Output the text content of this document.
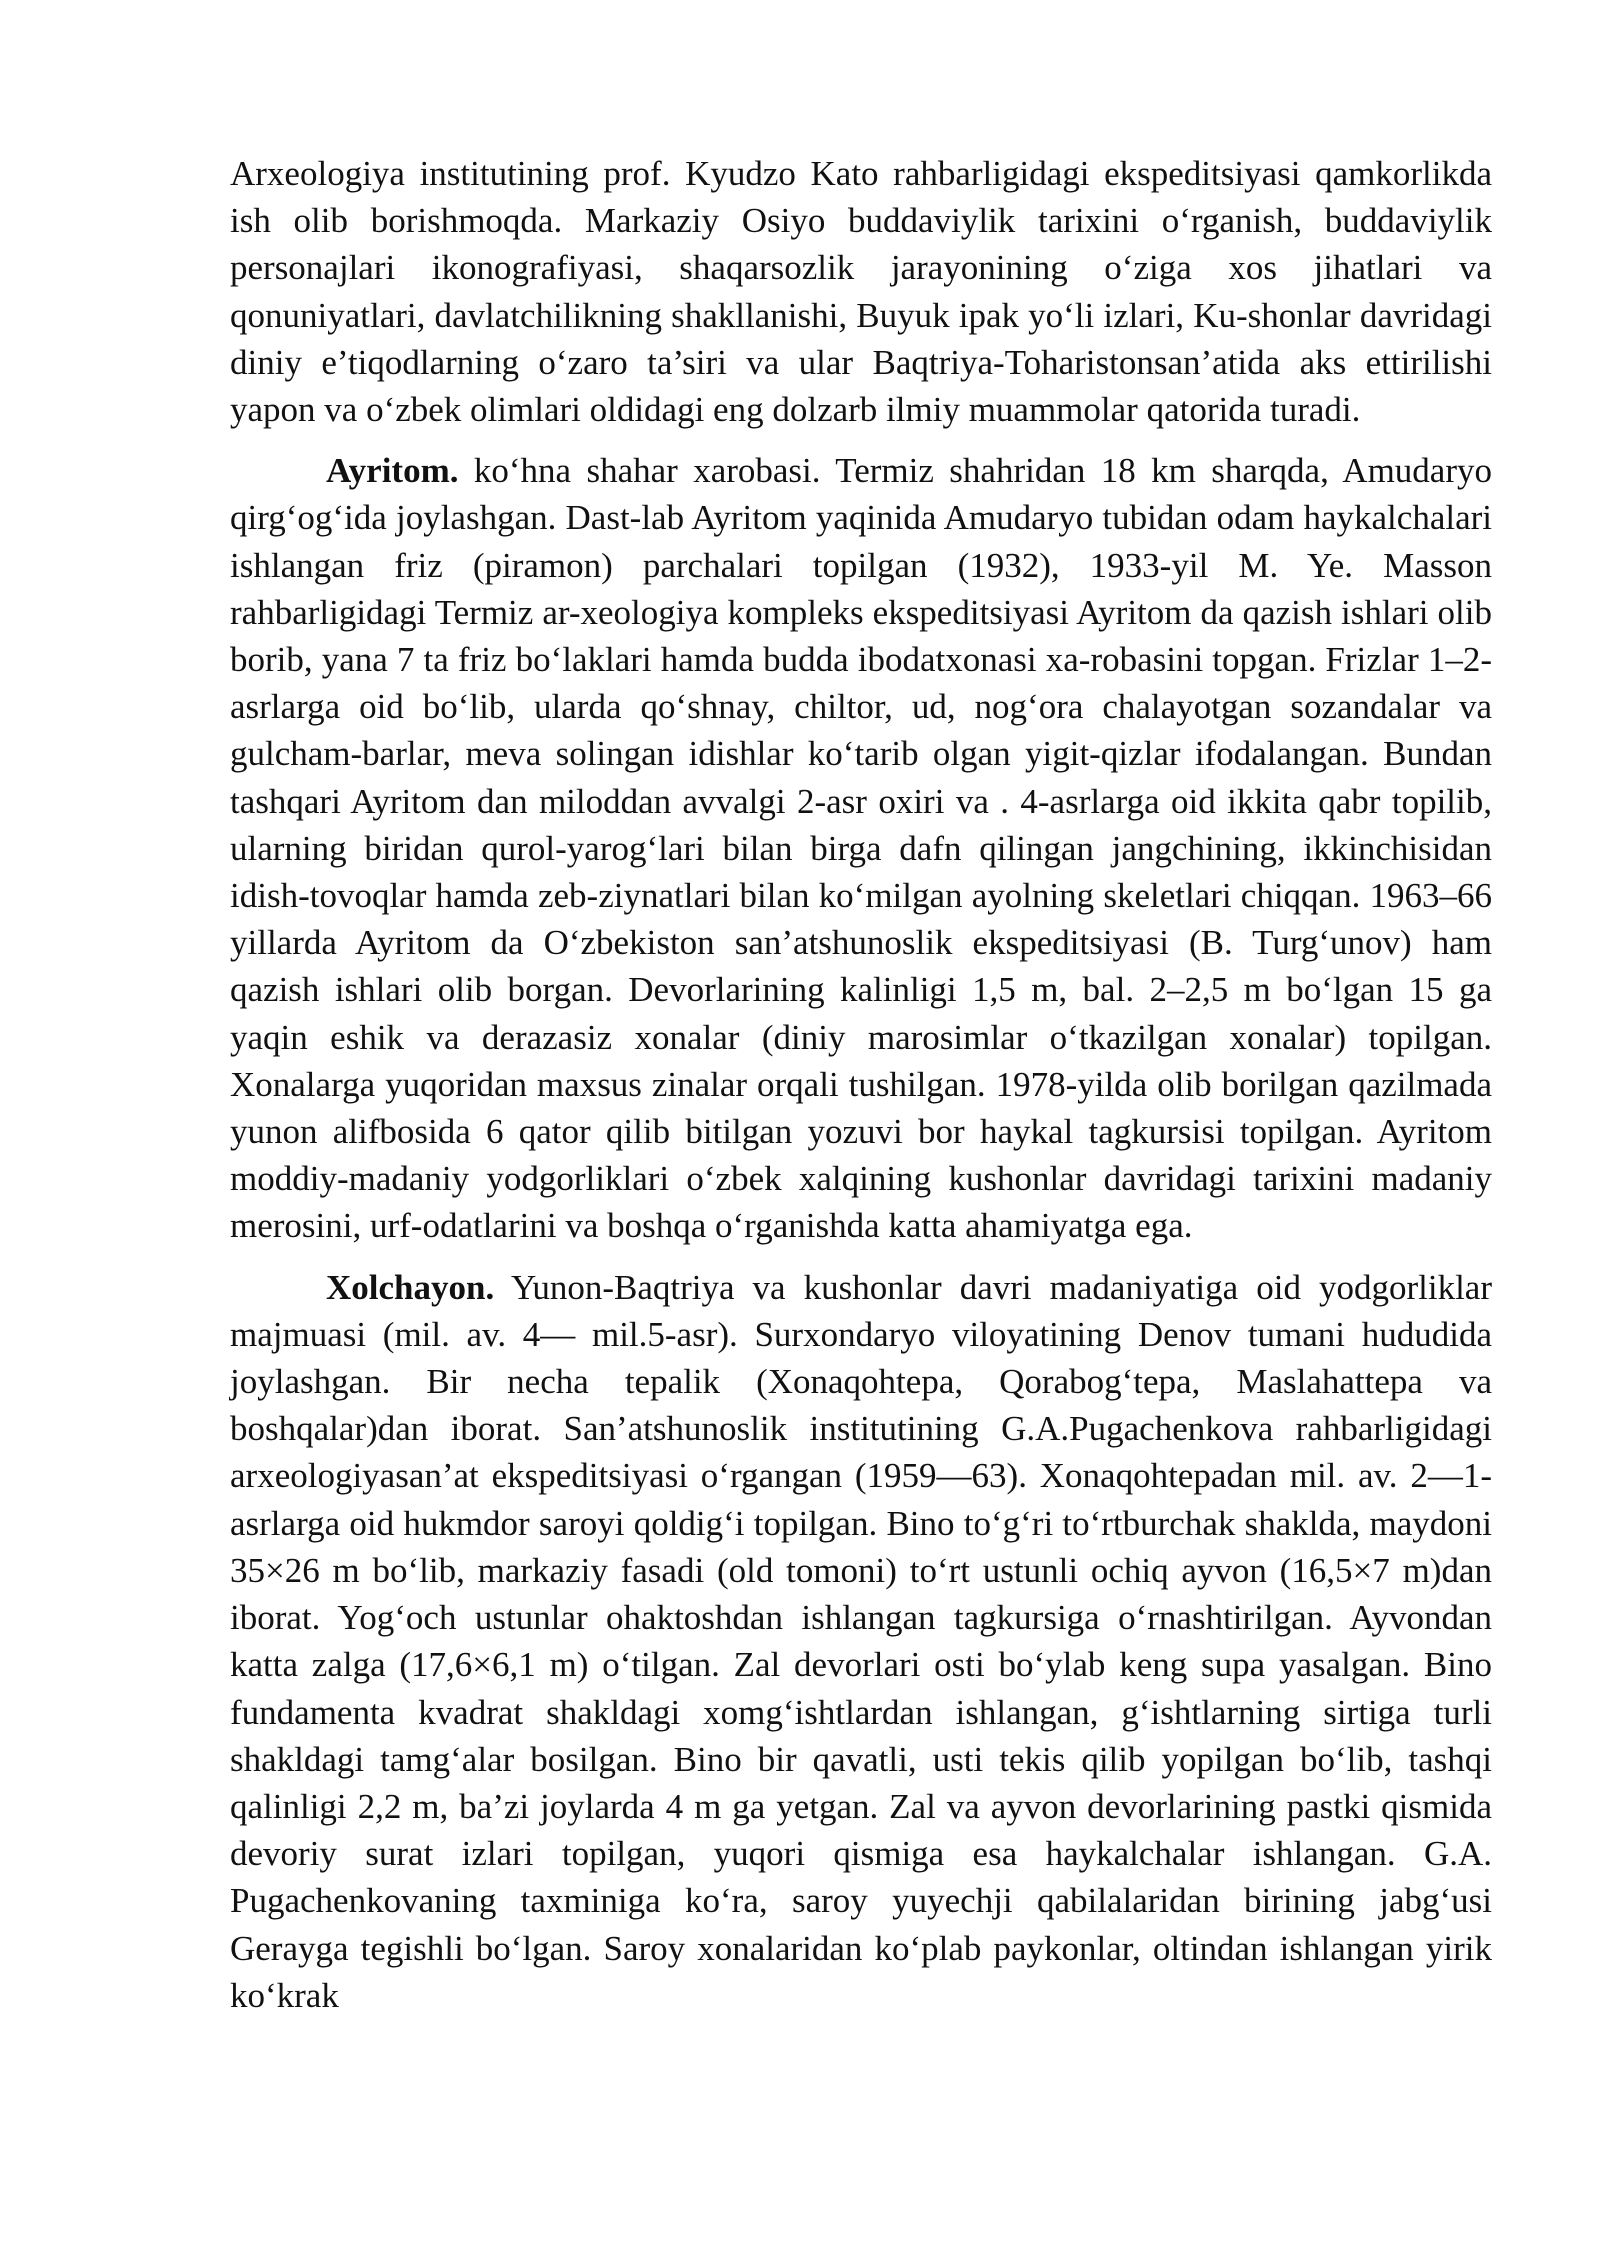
Arxeologiya institutining prof. Kyudzo Kato rahbarligidagi ekspeditsiyasi qamkorlikda ish olib borishmoqda. Markaziy Osiyo buddaviylik tarixini o‘rganish, buddaviylik personajlari ikonografiyasi, shaqarsozlik jarayonining o‘ziga xos jihatlari va qonuniyatlari, davlatchilikning shakllanishi, Buyuk ipak yo‘li izlari, Ku-shonlar davridagi diniy e’tiqodlarning o‘zaro ta’siri va ular Baqtriya-Toharistonsan’atida aks ettirilishi yapon va o‘zbek olimlari oldidagi eng dolzarb ilmiy muammolar qatorida turadi.

Ayritom. ko‘hna shahar xarobasi. Termiz shahridan 18 km sharqda, Amudaryo qirg‘og‘ida joylashgan. Dast-lab Ayritom yaqinida Amudaryo tubidan odam haykalchalari ishlangan friz (piramon) parchalari topilgan (1932), 1933-yil M. Ye. Masson rahbarligidagi Termiz ar-xeologiya kompleks ekspeditsiyasi Ayritom da qazish ishlari olib borib, yana 7 ta friz bo‘laklari hamda budda ibodatxonasi xa-robasini topgan. Frizlar 1–2-asrlarga oid bo‘lib, ularda qo‘shnay, chiltor, ud, nog‘ora chalayotgan sozandalar va gulcham-barlar, meva solingan idishlar ko‘tarib olgan yigit-qizlar ifodalangan. Bundan tashqari Ayritom dan miloddan avvalgi 2-asr oxiri va . 4-asrlarga oid ikkita qabr topilib, ularning biridan qurol-yarog‘lari bilan birga dafn qilingan jangchining, ikkinchisidan idish-tovoqlar hamda zeb-ziynatlari bilan ko‘milgan ayolning skeletlari chiqqan. 1963–66 yillarda Ayritom da O‘zbekiston san’atshunoslik ekspeditsiyasi (B. Turg‘unov) ham qazish ishlari olib borgan. Devorlarining kalinligi 1,5 m, bal. 2–2,5 m bo‘lgan 15 ga yaqin eshik va derazasiz xonalar (diniy marosimlar o‘tkazilgan xonalar) topilgan. Xonalarga yuqoridan maxsus zinalar orqali tushilgan. 1978-yilda olib borilgan qazilmada yunon alifbosida 6 qator qilib bitilgan yozuvi bor haykal tagkursisi topilgan. Ayritom moddiy-madaniy yodgorliklari o‘zbek xalqining kushonlar davridagi tarixini madaniy merosini, urf-odatlarini va boshqa o‘rganishda katta ahamiyatga ega.

Xolchayon. Yunon-Baqtriya va kushonlar davri madaniyatiga oid yodgorliklar majmuasi (mil. av. 4— mil.5-asr). Surxondaryo viloyatining Denov tumani hududida joylashgan. Bir necha tepalik (Xonaqohtepa, Qorabog‘tepa, Maslahattepa va boshqalar)dan iborat. San’atshunoslik institutining G.A.Pugachenkova rahbarligidagi arxeologiyasan’at ekspeditsiyasi o‘rgangan (1959—63). Xonaqohtepadan mil. av. 2—1-asrlarga oid hukmdor saroyi qoldig‘i topilgan. Bino to‘g‘ri to‘rtburchak shaklda, maydoni 35×26 m bo‘lib, markaziy fasadi (old tomoni) to‘rt ustunli ochiq ayvon (16,5×7 m)dan iborat. Yog‘och ustunlar ohaktoshdan ishlangan tagkursiga o‘rnashtirilgan. Ayvondan katta zalga (17,6×6,1 m) o‘tilgan. Zal devorlari osti bo‘ylab keng supa yasalgan. Bino fundamenta kvadrat shakldagi xomg‘ishtlardan ishlangan, g‘ishtlarning sirtiga turli shakldagi tamg‘alar bosilgan. Bino bir qavatli, usti tekis qilib yopilgan bo‘lib, tashqi qalinligi 2,2 m, ba’zi joylarda 4 m ga yetgan. Zal va ayvon devorlarining pastki qismida devoriy surat izlari topilgan, yuqori qismiga esa haykalchalar ishlangan. G.A. Pugachenkovaning taxminiga ko‘ra, saroy yuyechji qabilalaridan birining jabg‘usi Gerayga tegishli bo‘lgan. Saroy xonalaridan ko‘plab paykonlar, oltindan ishlangan yirik ko‘krak
